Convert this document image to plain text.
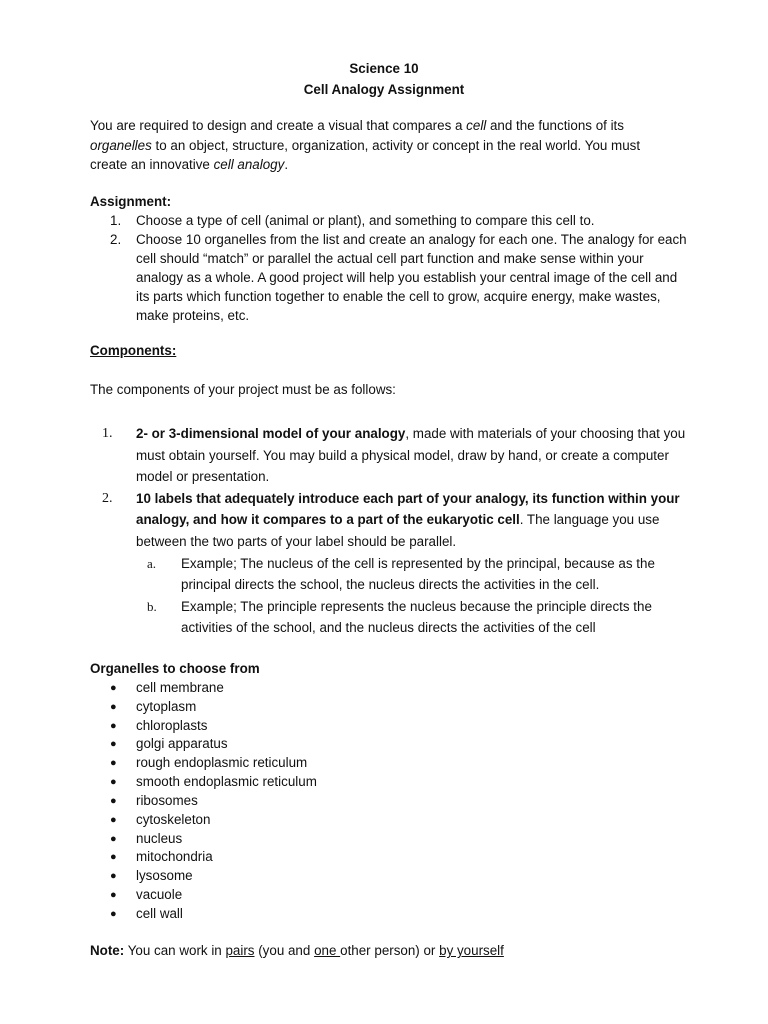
Science 10
Cell Analogy Assignment
You are required to design and create a visual that compares a cell and the functions of its organelles to an object, structure, organization, activity or concept in the real world. You must create an innovative cell analogy.
Assignment:
1. Choose a type of cell (animal or plant), and something to compare this cell to.
2. Choose 10 organelles from the list and create an analogy for each one. The analogy for each cell should “match” or parallel the actual cell part function and make sense within your analogy as a whole. A good project will help you establish your central image of the cell and its parts which function together to enable the cell to grow, acquire energy, make wastes, make proteins, etc.
Components:
The components of your project must be as follows:
1. 2- or 3-dimensional model of your analogy, made with materials of your choosing that you must obtain yourself. You may build a physical model, draw by hand, or create a computer model or presentation.
2. 10 labels that adequately introduce each part of your analogy, its function within your analogy, and how it compares to a part of the eukaryotic cell. The language you use between the two parts of your label should be parallel.
a. Example; The nucleus of the cell is represented by the principal, because as the principal directs the school, the nucleus directs the activities in the cell.
b. Example; The principle represents the nucleus because the principle directs the activities of the school, and the nucleus directs the activities of the cell
Organelles to choose from
● cell membrane
● cytoplasm
● chloroplasts
● golgi apparatus
● rough endoplasmic reticulum
● smooth endoplasmic reticulum
● ribosomes
● cytoskeleton
● nucleus
● mitochondria
● lysosome
● vacuole
● cell wall
Note: You can work in pairs (you and one other person) or by yourself
